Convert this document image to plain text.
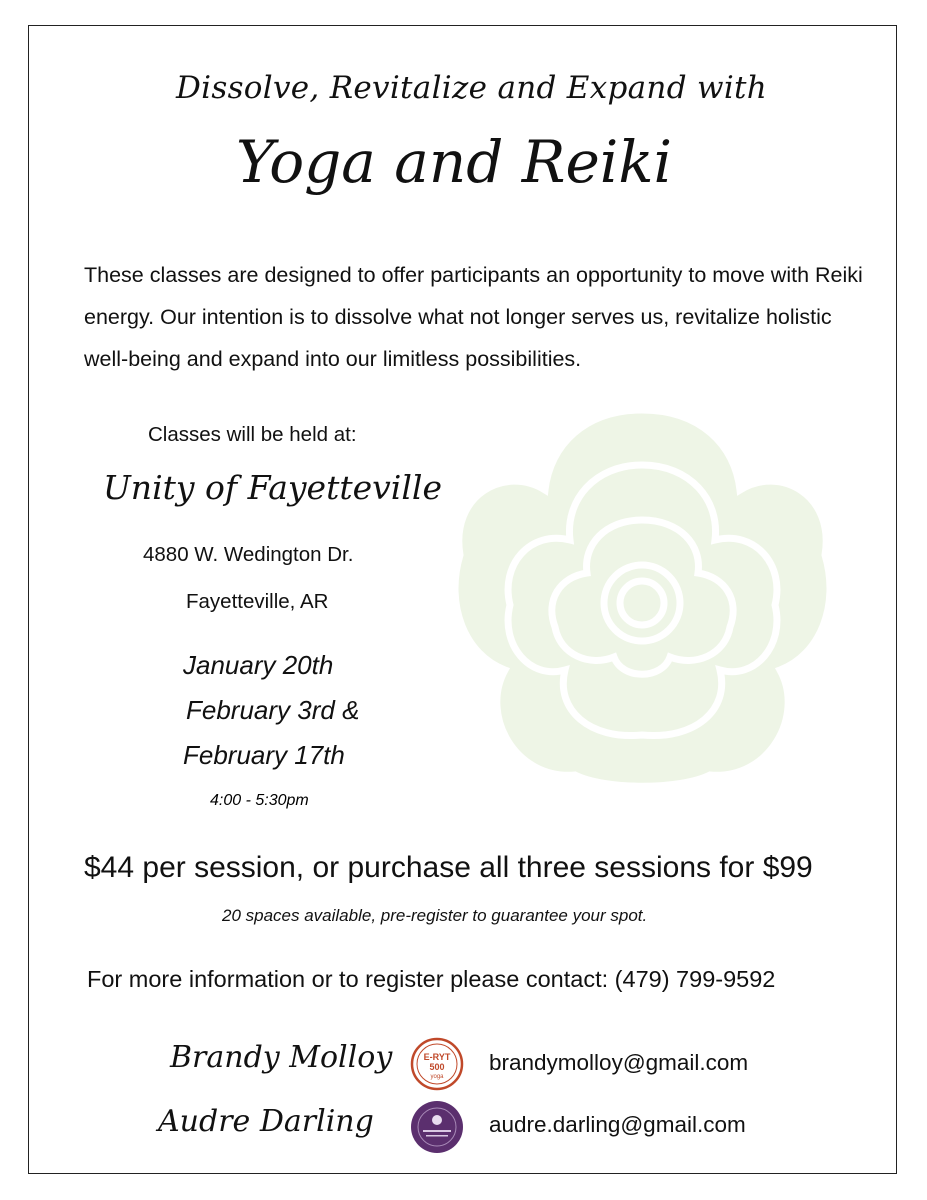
Dissolve, Revitalize and Expand with
Yoga and Reiki
These classes are designed to offer participants an opportunity to move with Reiki energy. Our intention is to dissolve what not longer serves us, revitalize holistic well-being and expand into our limitless possibilities.
Classes will be held at:
Unity of Fayetteville
4880 W. Wedington Dr.
Fayetteville, AR
January 20th
February 3rd &
February 17th
4:00 - 5:30pm
$44 per session, or purchase all three sessions for $99
20 spaces available, pre-register to guarantee your spot.
For more information or to register please contact: (479) 799-9592
Brandy Molloy
Audre Darling
E-RYT
500
yoga
brandymolloy@gmail.com
audre.darling@gmail.com
